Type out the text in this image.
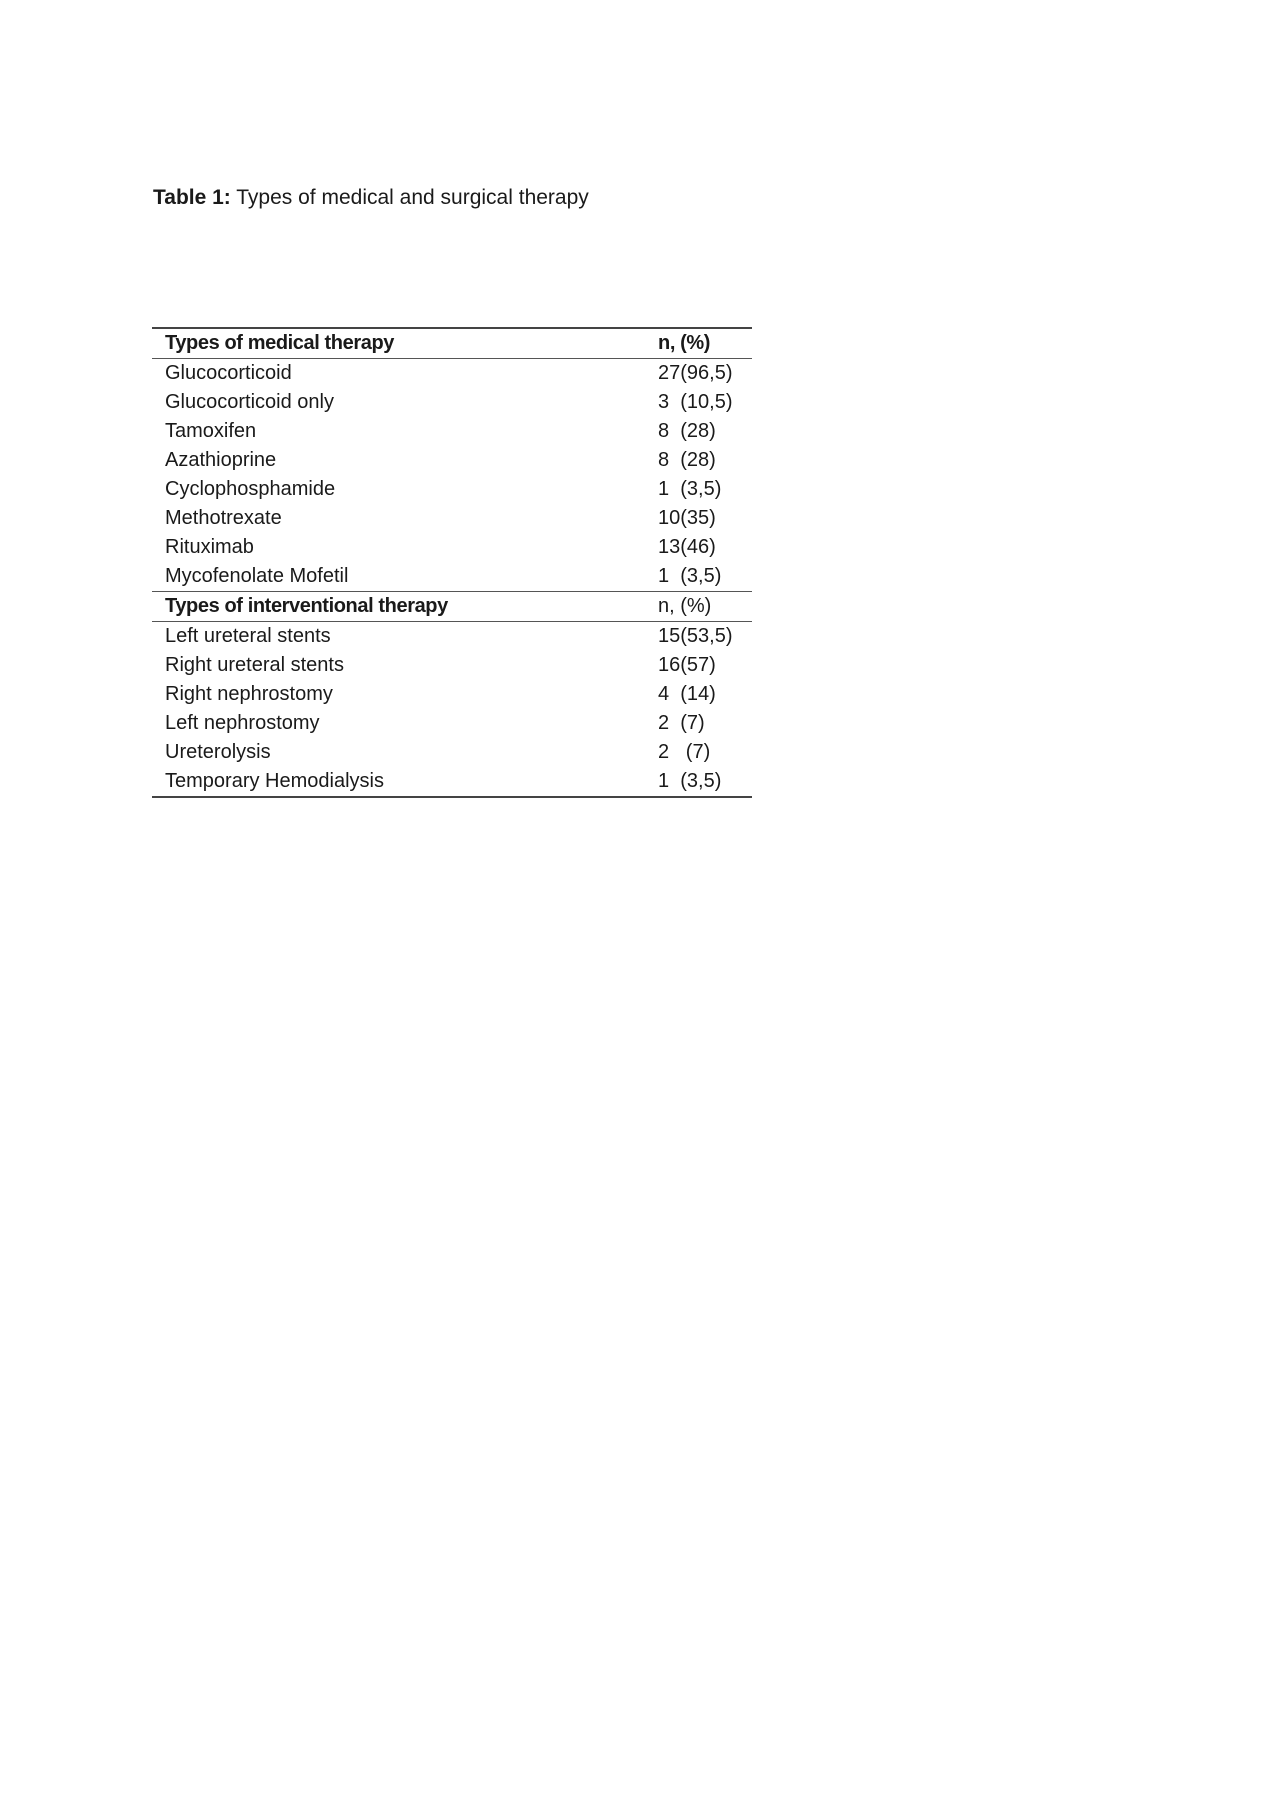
Table 1: Types of medical and surgical therapy
Types of medical therapy	n, (%)
Glucocorticoid	27(96,5)
Glucocorticoid only	3  (10,5)
Tamoxifen	8  (28)
Azathioprine	8  (28)
Cyclophosphamide	1  (3,5)
Methotrexate	10(35)
Rituximab	13(46)
Mycofenolate Mofetil	1  (3,5)
Types of interventional therapy	n, (%)
Left ureteral stents	15(53,5)
Right ureteral stents	16(57)
Right nephrostomy	4  (14)
Left nephrostomy	2  (7)
Ureterolysis	2   (7)
Temporary Hemodialysis	1  (3,5)
